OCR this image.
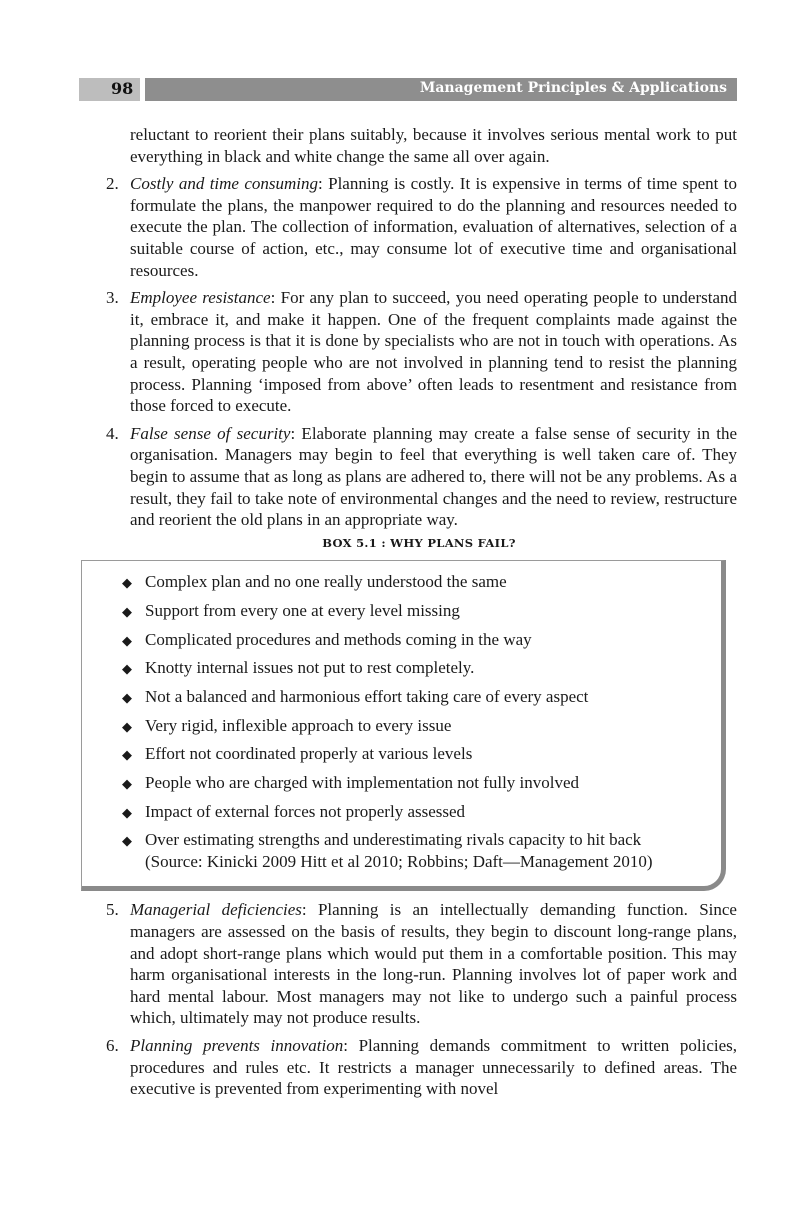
98	Management Principles & Applications
reluctant to reorient their plans suitably, because it involves serious mental work to put everything in black and white change the same all over again.
2. Costly and time consuming: Planning is costly. It is expensive in terms of time spent to formulate the plans, the manpower required to do the planning and resources needed to execute the plan. The collection of information, evaluation of alternatives, selection of a suitable course of action, etc., may consume lot of executive time and organisational resources.
3. Employee resistance: For any plan to succeed, you need operating people to understand it, embrace it, and make it happen. One of the frequent complaints made against the planning process is that it is done by specialists who are not in touch with operations. As a result, operating people who are not involved in planning tend to resist the planning process. Planning ‘imposed from above’ often leads to resentment and resistance from those forced to execute.
4. False sense of security: Elaborate planning may create a false sense of security in the organisation. Managers may begin to feel that everything is well taken care of. They begin to assume that as long as plans are adhered to, there will not be any problems. As a result, they fail to take note of environmental changes and the need to review, restructure and reorient the old plans in an appropriate way.
BOX 5.1 : WHY PLANS FAIL?
◆ Complex plan and no one really understood the same
◆ Support from every one at every level missing
◆ Complicated procedures and methods coming in the way
◆ Knotty internal issues not put to rest completely.
◆ Not a balanced and harmonious effort taking care of every aspect
◆ Very rigid, inflexible approach to every issue
◆ Effort not coordinated properly at various levels
◆ People who are charged with implementation not fully involved
◆ Impact of external forces not properly assessed
◆ Over estimating strengths and underestimating rivals capacity to hit back
(Source: Kinicki 2009 Hitt et al 2010; Robbins; Daft—Management 2010)
5. Managerial deficiencies: Planning is an intellectually demanding function. Since managers are assessed on the basis of results, they begin to discount long-range plans, and adopt short-range plans which would put them in a comfortable position. This may harm organisational interests in the long-run. Planning involves lot of paper work and hard mental labour. Most managers may not like to undergo such a painful process which, ultimately may not produce results.
6. Planning prevents innovation: Planning demands commitment to written policies, procedures and rules etc. It restricts a manager unnecessarily to defined areas. The executive is prevented from experimenting with novel
